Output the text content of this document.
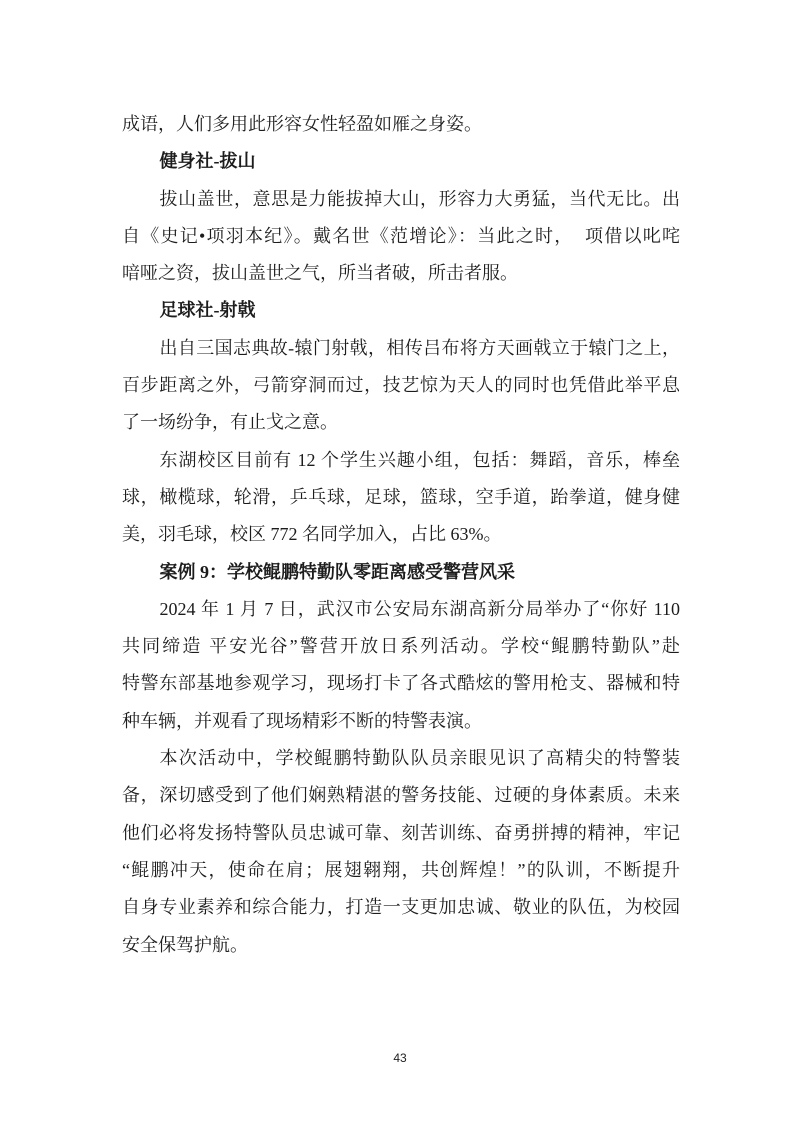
成语，人们多用此形容女性轻盈如雁之身姿。
健身社-拔山
拔山盖世，意思是力能拔掉大山，形容力大勇猛，当代无比。出
自《史记•项羽本纪》。戴名世《范增论》：当此之时，  项借以叱咤
喑哑之资，拔山盖世之气，所当者破，所击者服。
足球社-射戟
出自三国志典故-辕门射戟，相传吕布将方天画戟立于辕门之上，
百步距离之外，弓箭穿洞而过，技艺惊为天人的同时也凭借此举平息
了一场纷争，有止戈之意。
东湖校区目前有 12 个学生兴趣小组，包括：舞蹈，音乐，棒垒
球，橄榄球，轮滑，乒乓球，足球，篮球，空手道，跆拳道，健身健
美，羽毛球，校区 772 名同学加入，占比 63%。
案例 9：学校鲲鹏特勤队零距离感受警营风采
2024 年 1 月 7 日，武汉市公安局东湖高新分局举办了“你好 110
共同缔造 平安光谷”警营开放日系列活动。学校“鲲鹏特勤队”赴
特警东部基地参观学习，现场打卡了各式酷炫的警用枪支、器械和特
种车辆，并观看了现场精彩不断的特警表演。
本次活动中，学校鲲鹏特勤队队员亲眼见识了高精尖的特警装
备，深切感受到了他们娴熟精湛的警务技能、过硬的身体素质。未来
他们必将发扬特警队员忠诚可靠、刻苦训练、奋勇拼搏的精神，牢记
“鲲鹏冲天，使命在肩；展翅翱翔，共创辉煌！”的队训，不断提升
自身专业素养和综合能力，打造一支更加忠诚、敬业的队伍，为校园
安全保驾护航。
43
